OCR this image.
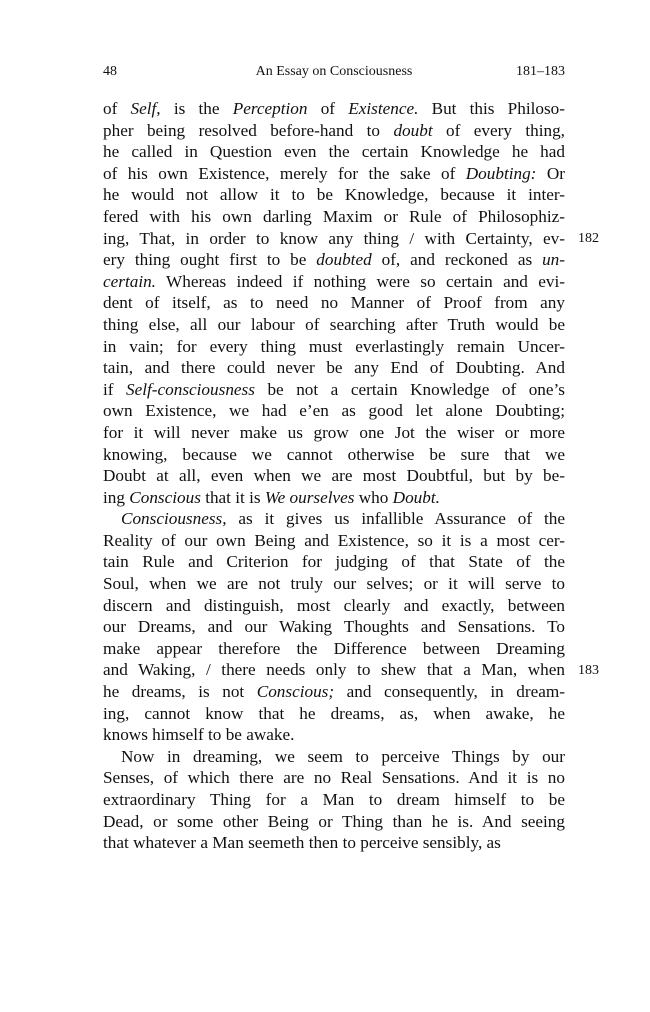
48	An Essay on Consciousness	181–183
of Self, is the Perception of Existence. But this Philoso-
pher being resolved before-hand to doubt of every thing,
he called in Question even the certain Knowledge he had
of his own Existence, merely for the sake of Doubting: Or
he would not allow it to be Knowledge, because it inter-
fered with his own darling Maxim or Rule of Philosophiz-
ing, That, in order to know any thing / with Certainty, ev-
ery thing ought first to be doubted of, and reckoned as un-
certain. Whereas indeed if nothing were so certain and evi-
dent of itself, as to need no Manner of Proof from any
thing else, all our labour of searching after Truth would be
in vain; for every thing must everlastingly remain Uncer-
tain, and there could never be any End of Doubting. And
if Self-consciousness be not a certain Knowledge of one’s
own Existence, we had e’en as good let alone Doubting;
for it will never make us grow one Jot the wiser or more
knowing, because we cannot otherwise be sure that we
Doubt at all, even when we are most Doubtful, but by be-
ing Conscious that it is We ourselves who Doubt.
Consciousness, as it gives us infallible Assurance of the
Reality of our own Being and Existence, so it is a most cer-
tain Rule and Criterion for judging of that State of the
Soul, when we are not truly our selves; or it will serve to
discern and distinguish, most clearly and exactly, between
our Dreams, and our Waking Thoughts and Sensations. To
make appear therefore the Difference between Dreaming
and Waking, / there needs only to shew that a Man, when
he dreams, is not Conscious; and consequently, in dream-
ing, cannot know that he dreams, as, when awake, he
knows himself to be awake.
Now in dreaming, we seem to perceive Things by our
Senses, of which there are no Real Sensations. And it is no
extraordinary Thing for a Man to dream himself to be
Dead, or some other Being or Thing than he is. And seeing
that whatever a Man seemeth then to perceive sensibly, as
182
183
